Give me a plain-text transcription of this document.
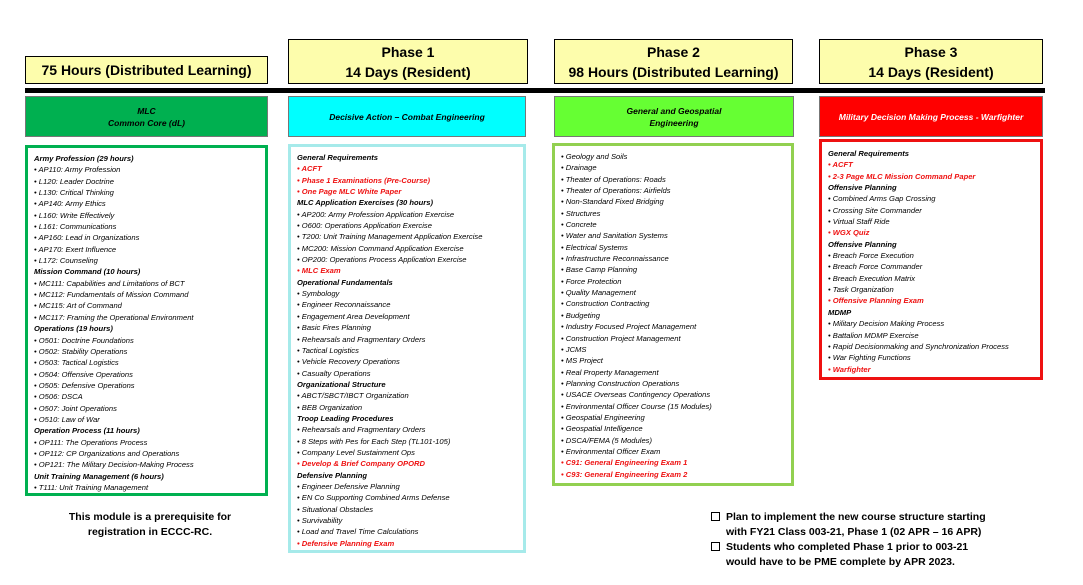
75 Hours (Distributed Learning)
Phase 1
14 Days (Resident)
Phase 2
98 Hours (Distributed Learning)
Phase 3
14 Days (Resident)
MLC
Common Core (dL)
Decisive Action – Combat Engineering
General and Geospatial
Engineering
Military Decision Making Process - Warfighter
Army Profession (29 hours)
• AP110: Army Profession
• L120: Leader Doctrine
• L130: Critical Thinking
• AP140: Army Ethics
• L160: Write Effectively
• L161: Communications
• AP160: Lead in Organizations
• AP170: Exert Influence
• L172: Counseling
Mission Command (10 hours)
• MC111: Capabilities and Limitations of BCT
• MC112: Fundamentals of Mission Command
• MC115: Art of Command
• MC117: Framing the Operational Environment
Operations (19 hours)
• O501: Doctrine Foundations
• O502: Stability Operations
• O503: Tactical Logistics
• O504: Offensive Operations
• O505: Defensive Operations
• O506: DSCA
• O507: Joint Operations
• O510: Law of War
Operation Process (11 hours)
• OP111: The Operations Process
• OP112: CP Organizations and Operations
• OP121: The Military Decision-Making Process
Unit Training Management (6 hours)
• T111: Unit Training Management
General Requirements
• ACFT
• Phase 1 Examinations (Pre-Course)
• One Page MLC White Paper
MLC Application Exercises (30 hours)
• AP200: Army Profession Application Exercise
• O600: Operations Application Exercise
• T200: Unit Training Management Application Exercise
• MC200: Mission Command Application Exercise
• OP200: Operations Process Application Exercise
• MLC Exam
Operational Fundamentals
• Symbology
• Engineer Reconnaissance
• Engagement Area Development
• Basic Fires Planning
• Rehearsals and Fragmentary Orders
• Tactical Logistics
• Vehicle Recovery Operations
• Casualty Operations
Organizational Structure
• ABCT/SBCT/IBCT Organization
• BEB Organization
Troop Leading Procedures
• Rehearsals and Fragmentary Orders
• 8 Steps with Pes for Each Step (TL101-105)
• Company Level Sustainment Ops
• Develop & Brief Company OPORD
Defensive Planning
• Engineer Defensive Planning
• EN Co Supporting Combined Arms Defense
• Situational Obstacles
• Survivability
• Load and Travel Time Calculations
• Defensive Planning Exam
• Geology and Soils
• Drainage
• Theater of Operations: Roads
• Theater of Operations: Airfields
• Non-Standard Fixed Bridging
• Structures
• Concrete
• Water and Sanitation Systems
• Electrical Systems
• Infrastructure Reconnaissance
• Base Camp Planning
• Force Protection
• Quality Management
• Construction Contracting
• Budgeting
• Industry Focused Project Management
• Construction Project Management
• JCMS
• MS Project
• Real Property Management
• Planning Construction Operations
• USACE Overseas Contingency Operations
• Environmental Officer Course (15 Modules)
• Geospatial Engineering
• Geospatial Intelligence
• DSCA/FEMA (5 Modules)
• Environmental Officer Exam
• C91: General Engineering Exam 1
• C93: General Engineering Exam 2
General Requirements
• ACFT
• 2-3 Page MLC Mission Command Paper
Offensive Planning
• Combined Arms Gap Crossing
• Crossing Site Commander
• Virtual Staff Ride
• WGX Quiz
Offensive Planning
• Breach Force Execution
• Breach Force Commander
• Breach Execution Matrix
• Task Organization
• Offensive Planning Exam
MDMP
• Military Decision Making Process
• Battalion MDMP Exercise
• Rapid Decisionmaking and Synchronization Process
• War Fighting Functions
• Warfighter
This module is a prerequisite for
registration in ECCC-RC.
Plan to implement the new course structure starting
with FY21 Class 003-21, Phase 1 (02 APR – 16 APR)
Students who completed Phase 1 prior to 003-21
would have to be PME complete by APR 2023.
